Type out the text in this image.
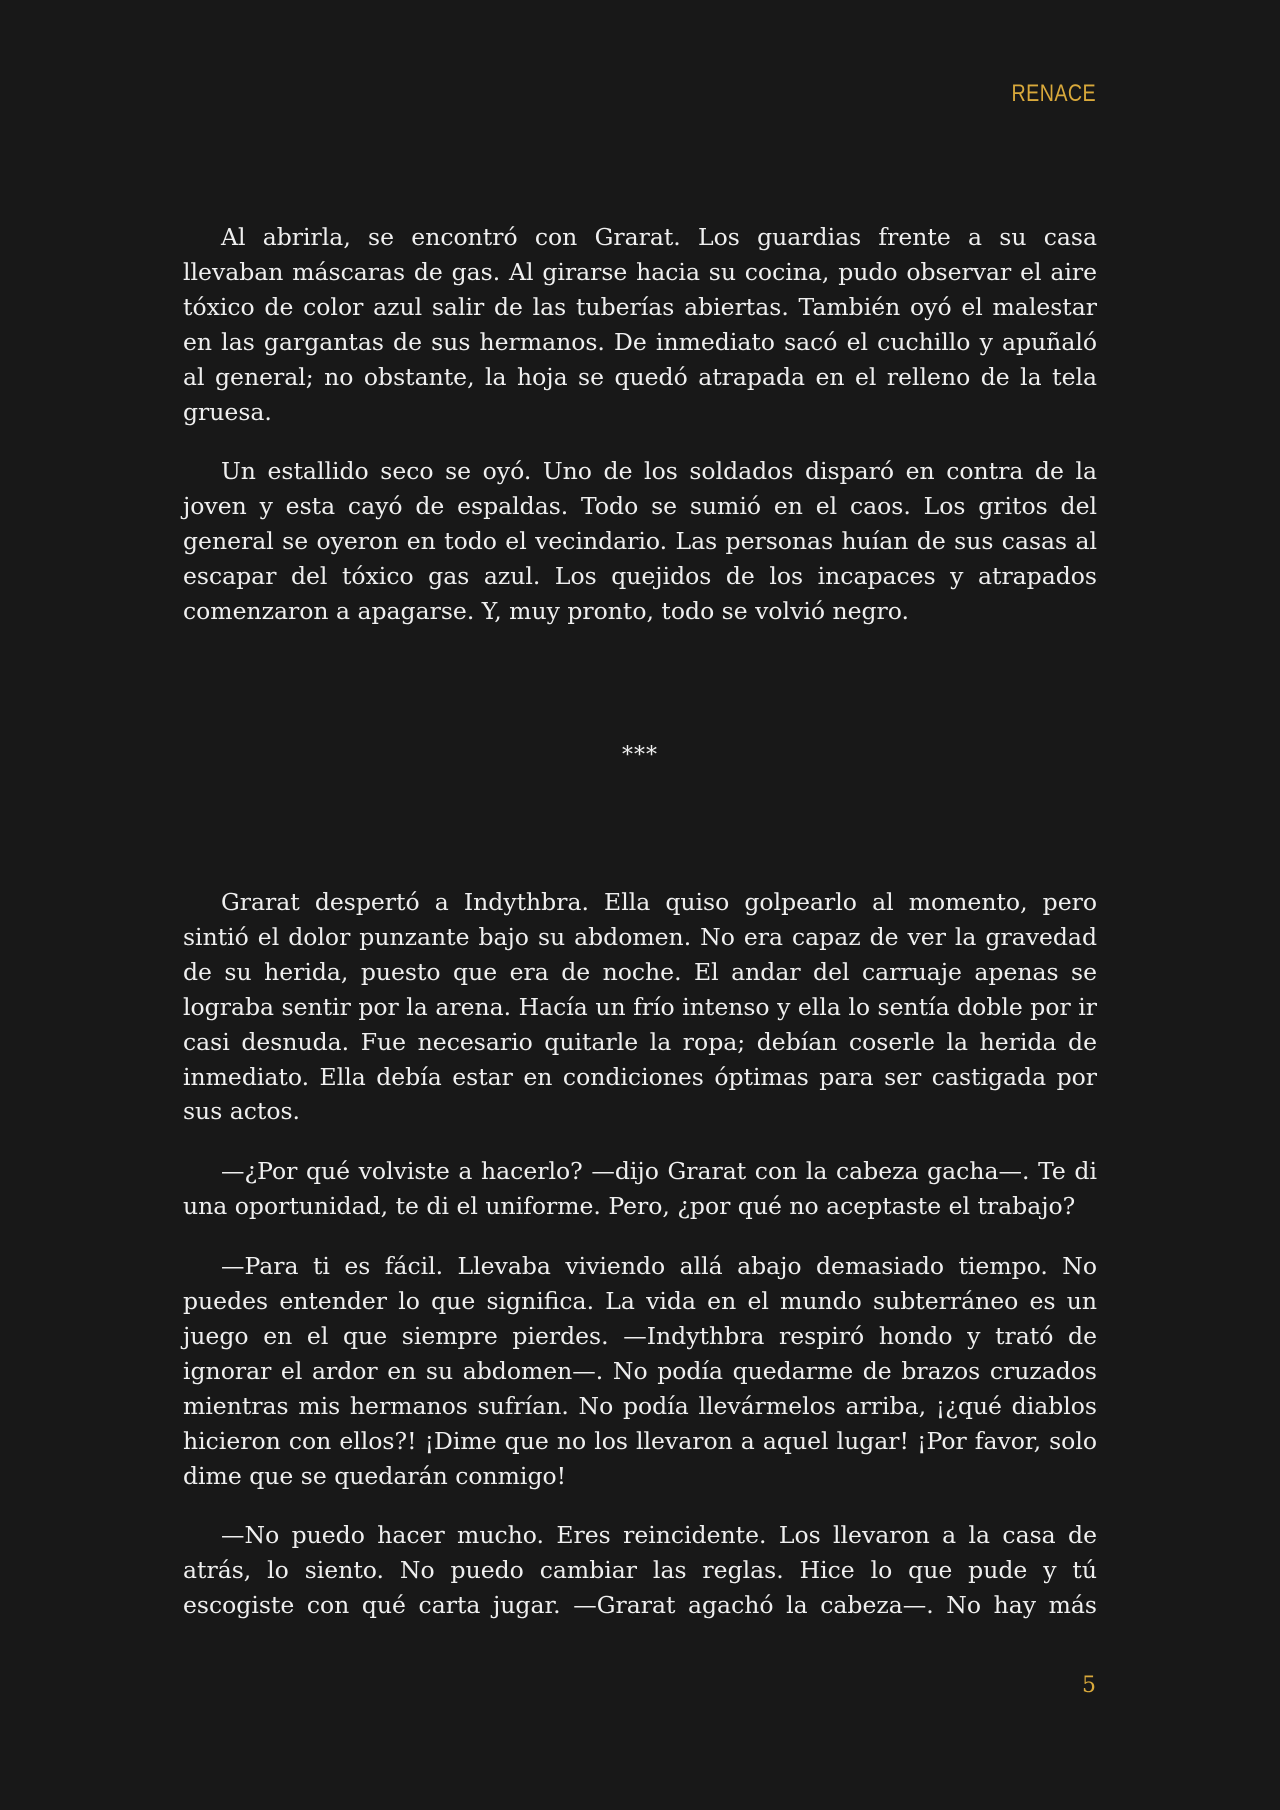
RENACE

Al abrirla, se encontró con Grarat. Los guardias frente a su casa llevaban máscaras de gas. Al girarse hacia su cocina, pudo observar el aire tóxico de color azul salir de las tuberías abiertas. También oyó el malestar en las gargantas de sus hermanos. De inmediato sacó el cuchillo y apuñaló al general; no obstante, la hoja se quedó atrapada en el relleno de la tela gruesa.

Un estallido seco se oyó. Uno de los soldados disparó en contra de la joven y esta cayó de espaldas. Todo se sumió en el caos. Los gritos del general se oyeron en todo el vecindario. Las personas huían de sus casas al escapar del tóxico gas azul. Los quejidos de los incapaces y atrapados comenzaron a apagarse. Y, muy pronto, todo se volvió negro.

***

Grarat despertó a Indythbra. Ella quiso golpearlo al momento, pero sintió el dolor punzante bajo su abdomen. No era capaz de ver la gravedad de su herida, puesto que era de noche. El andar del carruaje apenas se lograba sentir por la arena. Hacía un frío intenso y ella lo sentía doble por ir casi desnuda. Fue necesario quitarle la ropa; debían coserle la herida de inmediato. Ella debía estar en condiciones óptimas para ser castigada por sus actos.

—¿Por qué volviste a hacerlo? —dijo Grarat con la cabeza gacha—. Te di una oportunidad, te di el uniforme. Pero, ¿por qué no aceptaste el trabajo?

—Para ti es fácil. Llevaba viviendo allá abajo demasiado tiempo. No puedes entender lo que significa. La vida en el mundo subterráneo es un juego en el que siempre pierdes. —Indythbra respiró hondo y trató de ignorar el ardor en su abdomen—. No podía quedarme de brazos cruzados mientras mis hermanos sufrían. No podía llevármelos arriba, ¡¿qué diablos hicieron con ellos?! ¡Dime que no los llevaron a aquel lugar! ¡Por favor, solo dime que se quedarán conmigo!

—No puedo hacer mucho. Eres reincidente. Los llevaron a la casa de atrás, lo siento. No puedo cambiar las reglas. Hice lo que pude y tú escogiste con qué carta jugar. —Grarat agachó la cabeza—. No hay más

5
